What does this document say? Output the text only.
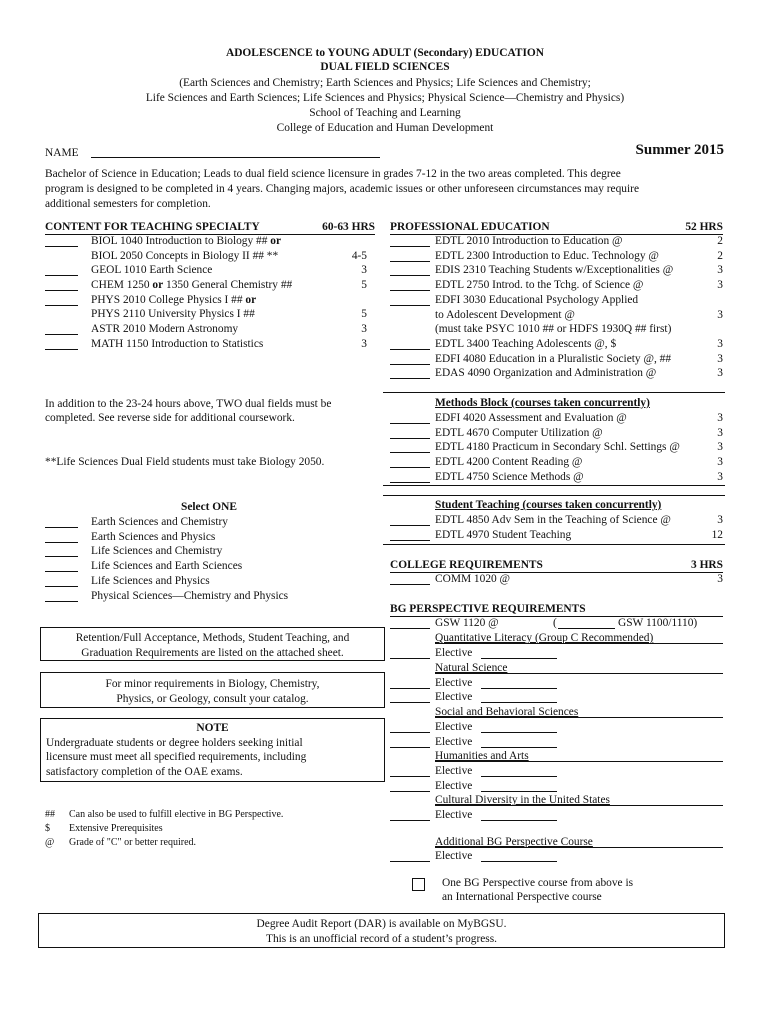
ADOLESCENCE to YOUNG ADULT (Secondary) EDUCATION
DUAL FIELD SCIENCES
(Earth Sciences and Chemistry; Earth Sciences and Physics; Life Sciences and Chemistry;
Life Sciences and Earth Sciences; Life Sciences and Physics; Physical Science—Chemistry and Physics)
School of Teaching and Learning
College of Education and Human Development
NAME	Summer 2015
Bachelor of Science in Education; Leads to dual field science licensure in grades 7-12 in the two areas completed. This degree
program is designed to be completed in 4 years. Changing majors, academic issues or other unforeseen circumstances may require
additional semesters for completion.
CONTENT FOR TEACHING SPECIALTY	60-63 HRS
BIOL 1040 Introduction to Biology ## or
BIOL 2050 Concepts in Biology II ## **	4-5
GEOL 1010 Earth Science	3
CHEM 1250 or 1350 General Chemistry ##	5
PHYS 2010 College Physics I ## or
PHYS 2110 University Physics I ##	5
ASTR 2010 Modern Astronomy	3
MATH 1150 Introduction to Statistics	3
In addition to the 23-24 hours above, TWO dual fields must be
completed. See reverse side for additional coursework.
**Life Sciences Dual Field students must take Biology 2050.
Select ONE
Earth Sciences and Chemistry
Earth Sciences and Physics
Life Sciences and Chemistry
Life Sciences and Earth Sciences
Life Sciences and Physics
Physical Sciences—Chemistry and Physics
Retention/Full Acceptance, Methods, Student Teaching, and
Graduation Requirements are listed on the attached sheet.
For minor requirements in Biology, Chemistry,
Physics, or Geology, consult your catalog.
NOTE
Undergraduate students or degree holders seeking initial
licensure must meet all specified requirements, including
satisfactory completion of the OAE exams.
## Can also be used to fulfill elective in BG Perspective.
$ Extensive Prerequisites
@ Grade of "C" or better required.
PROFESSIONAL EDUCATION	52 HRS
EDTL 2010 Introduction to Education @	2
EDTL 2300 Introduction to Educ. Technology @	2
EDIS 2310 Teaching Students w/Exceptionalities @	3
EDTL 2750 Introd. to the Tchg. of Science @	3
EDFI 3030 Educational Psychology Applied
to Adolescent Development @	3
(must take PSYC 1010 ## or HDFS 1930Q ## first)
EDTL 3400 Teaching Adolescents @, $	3
EDFI 4080 Education in a Pluralistic Society @, ##	3
EDAS 4090 Organization and Administration @	3
Methods Block (courses taken concurrently)
EDFI 4020 Assessment and Evaluation @	3
EDTL 4670 Computer Utilization @	3
EDTL 4180 Practicum in Secondary Schl. Settings @	3
EDTL 4200 Content Reading @	3
EDTL 4750 Science Methods @	3
Student Teaching (courses taken concurrently)
EDTL 4850 Adv Sem in the Teaching of Science @	3
EDTL 4970 Student Teaching	12
COLLEGE REQUIREMENTS	3 HRS
COMM 1020 @	3
BG PERSPECTIVE REQUIREMENTS
GSW 1120 @	(	GSW 1100/1110)
Quantitative Literacy (Group C Recommended)
Elective
Natural Science
Elective
Elective
Social and Behavioral Sciences
Elective
Elective
Humanities and Arts
Elective
Elective
Cultural Diversity in the United States
Elective
Additional BG Perspective Course
Elective
One BG Perspective course from above is
an International Perspective course
Degree Audit Report (DAR) is available on MyBGSU.
This is an unofficial record of a student’s progress.
